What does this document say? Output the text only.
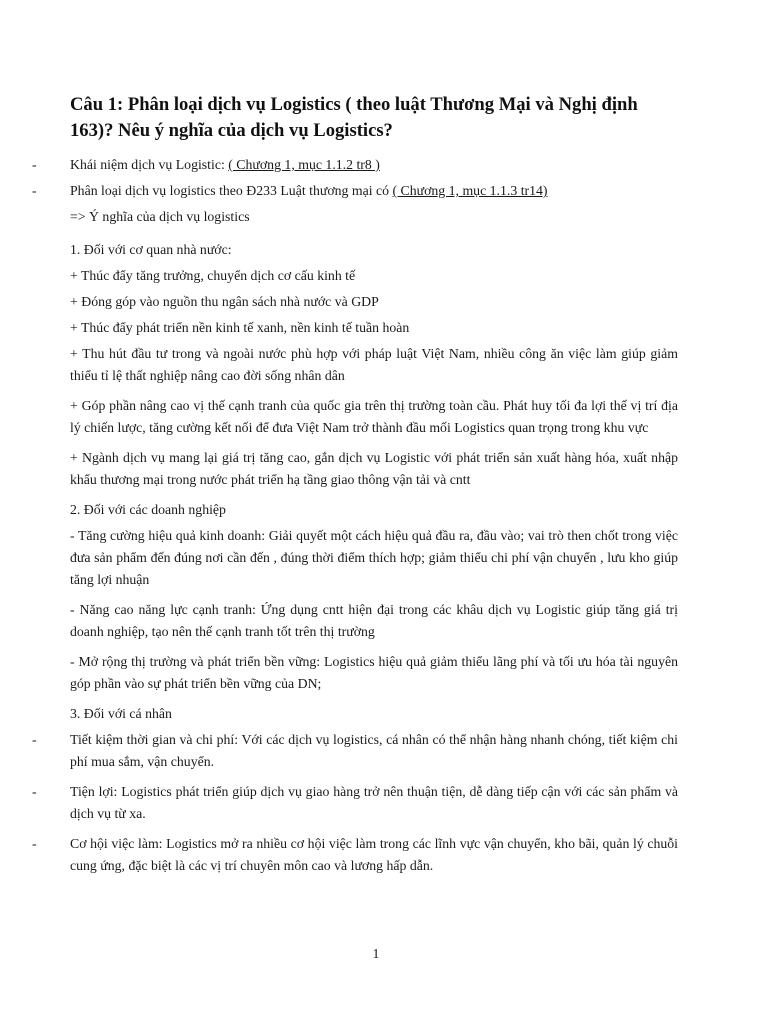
Câu 1: Phân loại dịch vụ Logistics ( theo luật Thương Mại và Nghị định 163)? Nêu ý nghĩa của dịch vụ Logistics?

- Khái niệm dịch vụ Logistic: ( Chương 1, mục 1.1.2 tr8 )

- Phân loại dịch vụ logistics theo Đ233 Luật thương mại có ( Chương 1, mục 1.1.3 tr14)

=> Ý nghĩa của dịch vụ logistics

1. Đối với cơ quan nhà nước:

+ Thúc đẩy tăng trưởng, chuyển dịch cơ cấu kinh tế

+ Đóng góp vào nguồn thu ngân sách nhà nước và GDP

+ Thúc đẩy phát triển nền kinh tế xanh, nền kinh tế tuần hoàn

+ Thu hút đầu tư trong và ngoài nước phù hợp với pháp luật Việt Nam, nhiều công ăn việc làm giúp giảm thiểu tỉ lệ thất nghiệp nâng cao đời sống nhân dân

+ Góp phần nâng cao vị thế cạnh tranh của quốc gia trên thị trường toàn cầu. Phát huy tối đa lợi thế vị trí địa lý chiến lược, tăng cường kết nối để đưa Việt Nam trở thành đầu mối Logistics quan trọng trong khu vực

+ Ngành dịch vụ mang lại giá trị tăng cao, gắn dịch vụ Logistic với phát triển sản xuất hàng hóa, xuất nhập khẩu thương mại trong nước phát triển hạ tầng giao thông vận tải và cntt

2. Đối với các doanh nghiệp

- Tăng cường hiệu quả kinh doanh: Giải quyết một cách hiệu quả đầu ra, đầu vào; vai trò then chốt trong việc đưa sản phẩm đến đúng nơi cần đến , đúng thời điểm thích hợp; giảm thiểu chi phí vận chuyển , lưu kho giúp tăng lợi nhuận

- Năng cao năng lực cạnh tranh: Ứng dụng cntt hiện đại trong các khâu dịch vụ Logistic giúp tăng giá trị doanh nghiệp, tạo nên thế cạnh tranh tốt trên thị trường

- Mở rộng thị trường và phát triển bền vững: Logistics hiệu quả giảm thiểu lãng phí và tối ưu hóa tài nguyên góp phần vào sự phát triển bền vững của DN;

3. Đối với cá nhân

- Tiết kiệm thời gian và chi phí: Với các dịch vụ logistics, cá nhân có thể nhận hàng nhanh chóng, tiết kiệm chi phí mua sắm, vận chuyển.

- Tiện lợi: Logistics phát triển giúp dịch vụ giao hàng trở nên thuận tiện, dễ dàng tiếp cận với các sản phẩm và dịch vụ từ xa.

- Cơ hội việc làm: Logistics mở ra nhiều cơ hội việc làm trong các lĩnh vực vận chuyển, kho bãi, quản lý chuỗi cung ứng, đặc biệt là các vị trí chuyên môn cao và lương hấp dẫn.

1
